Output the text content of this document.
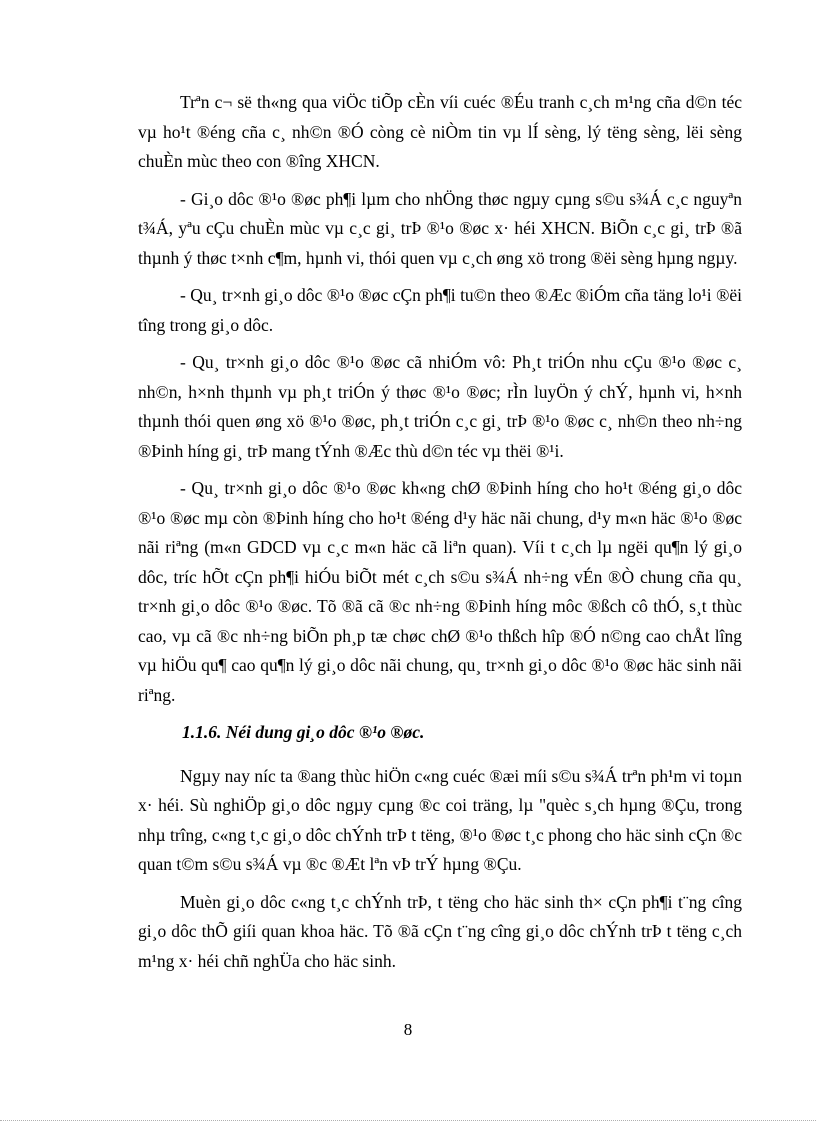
Trªn c¬ së th«ng qua viÖc tiÕp cÈn víi cuéc ®Éu tranh c¸ch m¹ng cña d©n téc vµ ho¹t ®éng cña c¸ nh©n ®Ó còng cè niÒm tin vµ lÍ sèng, lý tëng sèng, lëi sèng chuÈn mùc theo con ®îng XHCN.

- Gi¸o dôc ®¹o ®øc ph¶i lµm cho nhÖng thøc ngµy cµng s©u s¾Á c¸c nguyªn t¾Á, yªu cÇu chuÈn mùc vµ c¸c gi¸ trÞ ®¹o ®øc x· héi XHCN. BiÕn c¸c gi¸ trÞ ®ã thµnh ý thøc t×nh c¶m, hµnh vi, thói quen vµ c¸ch øng xö trong ®ëi sèng hµng ngµy.

- Qu¸ tr×nh gi¸o dôc ®¹o ®øc cÇn ph¶i tu©n theo ®Æc ®iÓm cña täng lo¹i ®ëi tîng trong gi¸o dôc.

- Qu¸ tr×nh gi¸o dôc ®¹o ®øc cã nhiÓm vô: Ph¸t triÓn nhu cÇu ®¹o ®øc c¸ nh©n, h×nh thµnh vµ ph¸t triÓn ý thøc ®¹o ®øc; rÌn luyÖn ý chÝ, hµnh vi, h×nh thµnh thói quen øng xö ®¹o ®øc, ph¸t triÓn c¸c gi¸ trÞ ®¹o ®øc c¸ nh©n theo nh÷ng ®Þinh híng gi¸ trÞ mang tÝnh ®Æc thù d©n téc vµ thëi ®¹i.

- Qu¸ tr×nh gi¸o dôc ®¹o ®øc kh«ng chØ ®Þinh híng cho ho¹t ®éng gi¸o dôc ®¹o ®øc mµ còn ®Þinh híng cho ho¹t ®éng d¹y häc nãi chung, d¹y m«n häc ®¹o ®øc nãi riªng (m«n GDCD vµ c¸c m«n häc cã liªn quan). Víi t c¸ch lµ ngëi qu¶n lý gi¸o dôc, tríc hÕt cÇn ph¶i hiÓu biÕt mét c¸ch s©u s¾Á nh÷ng vÉn ®Ò chung cña qu¸ tr×nh gi¸o dôc ®¹o ®øc. Tõ ®ã cã ®c nh÷ng ®Þinh híng môc ®ßch cô thÓ, s¸t thùc cao, vµ cã ®c nh÷ng biÕn ph¸p tæ chøc chØ ®¹o thßch hîp ®Ó n©ng cao chÅt lîng vµ hiÖu qu¶ cao qu¶n lý gi¸o dôc nãi chung, qu¸ tr×nh gi¸o dôc ®¹o ®øc häc sinh nãi riªng.

1.1.6. Néi dung gi¸o dôc ®¹o ®øc.

Ngµy nay níc ta ®ang thùc hiÖn c«ng cuéc ®æi míi s©u s¾Á trªn ph¹m vi toµn x· héi. Sù nghiÖp gi¸o dôc ngµy cµng ®c coi träng, lµ "quèc s¸ch hµng ®Çu, trong nhµ trîng, c«ng t¸c gi¸o dôc chÝnh trÞ t tëng, ®¹o ®øc t¸c phong cho häc sinh cÇn ®c quan t©m s©u s¾Á vµ ®c ®Æt lªn vÞ trÝ hµng ®Çu.

Muèn gi¸o dôc c«ng t¸c chÝnh trÞ, t tëng cho häc sinh th× cÇn ph¶i t¨ng cîng gi¸o dôc thÕ giíi quan khoa häc. Tõ ®ã cÇn t¨ng cîng gi¸o dôc chÝnh trÞ t tëng c¸ch m¹ng x· héi chñ nghÜa cho häc sinh.

8
